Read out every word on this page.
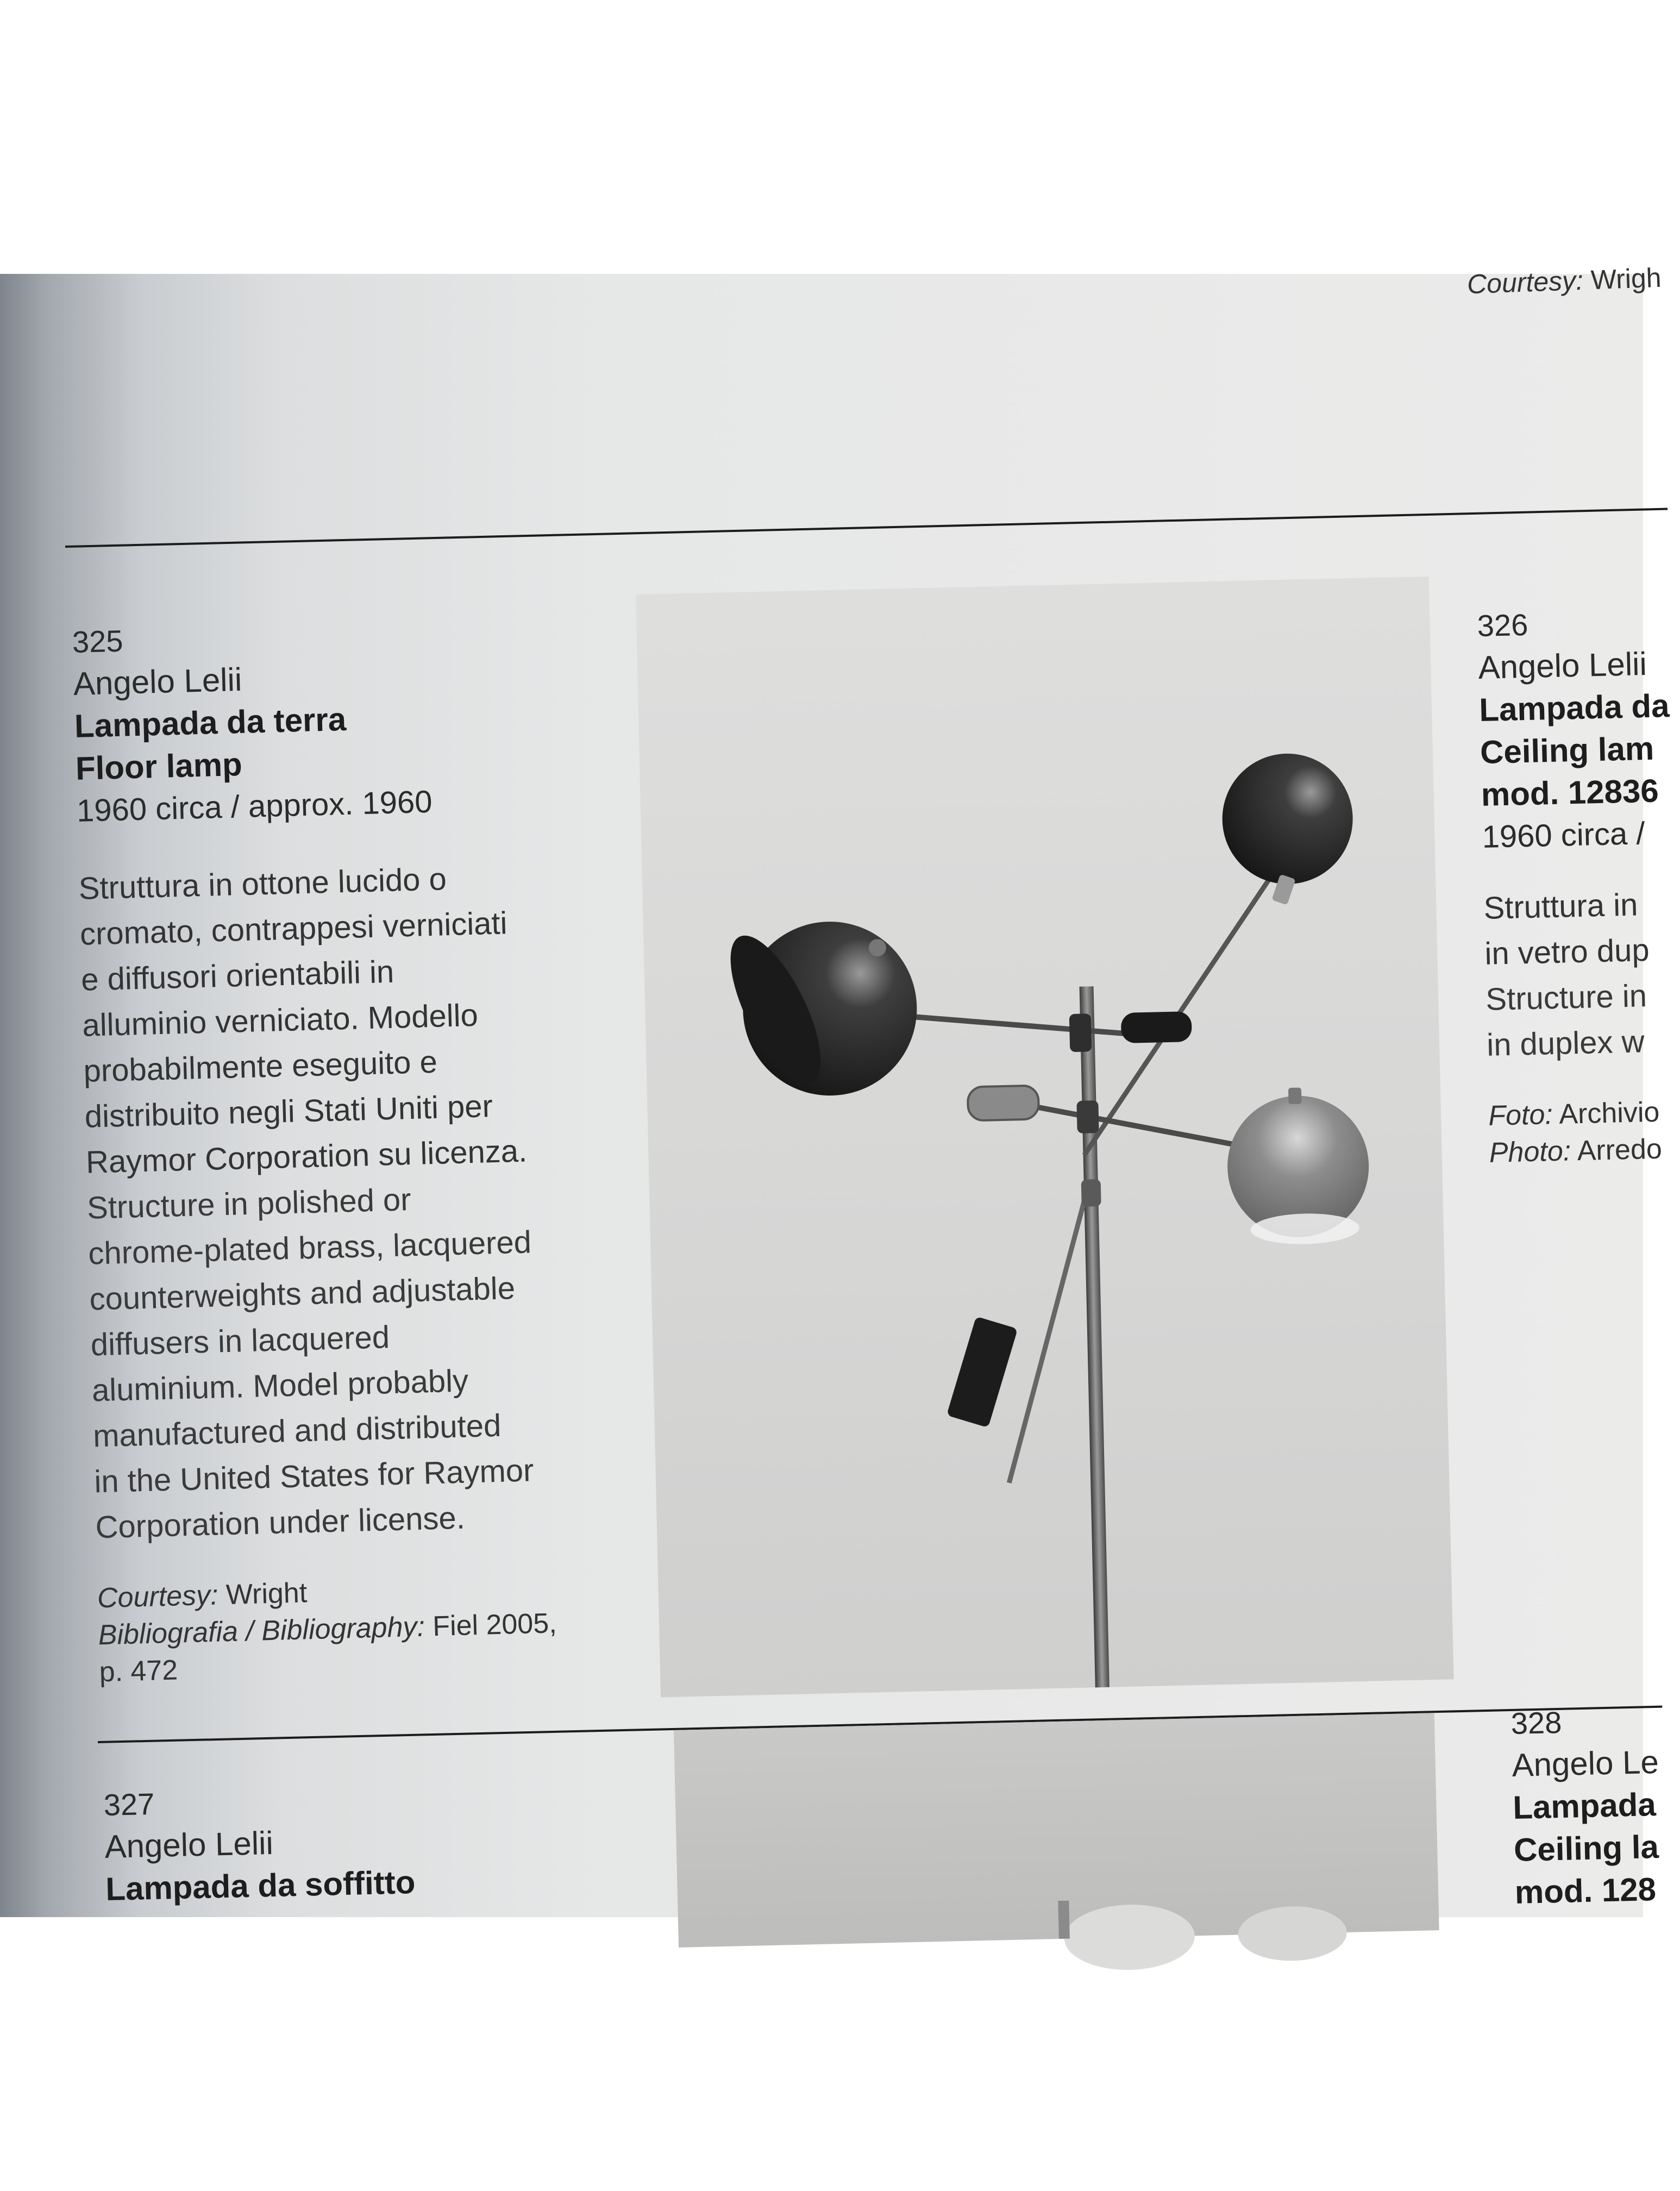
Courtesy: Wrigh
325
Angelo Lelii
Lampada da terra
Floor lamp
1960 circa / approx. 1960
Struttura in ottone lucido o
cromato, contrappesi verniciati
e diffusori orientabili in
alluminio verniciato. Modello
probabilmente eseguito e
distribuito negli Stati Uniti per
Raymor Corporation su licenza.
Structure in polished or
chrome-plated brass, lacquered
counterweights and adjustable
diffusers in lacquered
aluminium. Model probably
manufactured and distributed
in the United States for Raymor
Corporation under license.
Courtesy: Wright
Bibliografia / Bibliography: Fiel 2005,
p. 472
326
Angelo Lelii
Lampada da
Ceiling lam
mod. 12836
1960 circa /
Struttura in
in vetro dup
Structure in
in duplex w
Foto: Archivio
Photo: Arredo
327
Angelo Lelii
Lampada da soffitto
328
Angelo Le
Lampada
Ceiling la
mod. 128
